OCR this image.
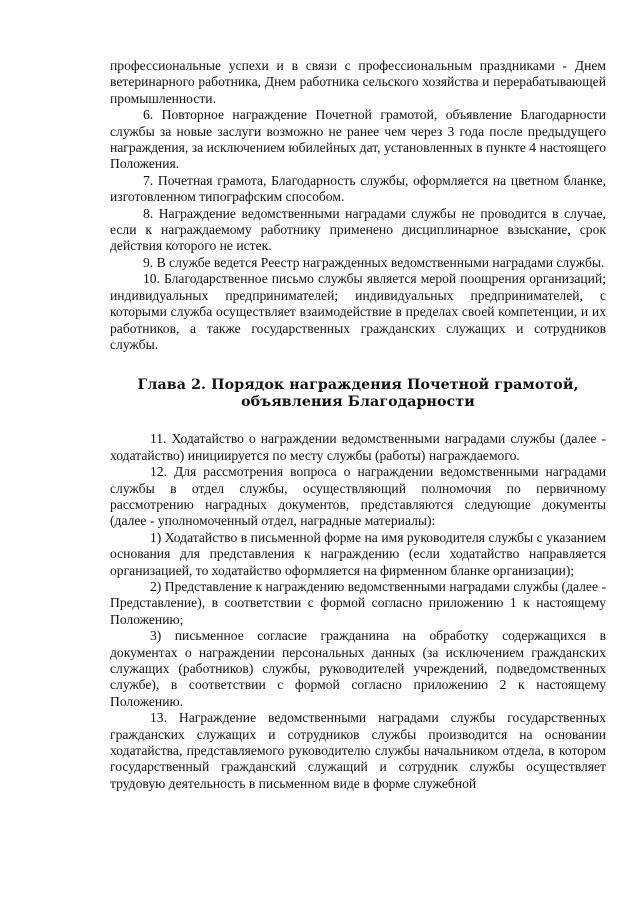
профессиональные успехи и в связи с профессиональным праздниками - Днем ветеринарного работника, Днем работника сельского хозяйства и перерабатывающей промышленности.

6. Повторное награждение Почетной грамотой, объявление Благодарности службы за новые заслуги возможно не ранее чем через 3 года после предыдущего награждения, за исключением юбилейных дат, установленных в пункте 4 настоящего Положения.

7. Почетная грамота, Благодарность службы, оформляется на цветном бланке, изготовленном типографским способом.

8. Награждение ведомственными наградами службы не проводится в случае, если к награждаемому работнику применено дисциплинарное взыскание, срок действия которого не истек.

9. В службе ведется Реестр награжденных ведомственными наградами службы.

10. Благодарственное письмо службы является мерой поощрения организаций; индивидуальных предпринимателей; индивидуальных предпринимателей, с которыми служба осуществляет взаимодействие в пределах своей компетенции, и их работников, а также государственных гражданских служащих и сотрудников службы.

Глава 2. Порядок награждения Почетной грамотой,
объявления Благодарности

11. Ходатайство о награждении ведомственными наградами службы (далее - ходатайство) инициируется по месту службы (работы) награждаемого.

12. Для рассмотрения вопроса о награждении ведомственными наградами службы в отдел службы, осуществляющий полномочия по первичному рассмотрению наградных документов, представляются следующие документы (далее - уполномоченный отдел, наградные материалы):

1) Ходатайство в письменной форме на имя руководителя службы с указанием основания для представления к награждению (если ходатайство направляется организацией, то ходатайство оформляется на фирменном бланке организации);

2) Представление к награждению ведомственными наградами службы (далее - Представление), в соответствии с формой согласно приложению 1 к настоящему Положению;

3) письменное согласие гражданина на обработку содержащихся в документах о награждении персональных данных (за исключением гражданских служащих (работников) службы, руководителей учреждений, подведомственных службе), в соответствии с формой согласно приложению 2 к настоящему Положению.

13. Награждение ведомственными наградами службы государственных гражданских служащих и сотрудников службы производится на основании ходатайства, представляемого руководителю службы начальником отдела, в котором государственный гражданский служащий и сотрудник службы осуществляет трудовую деятельность в письменном виде в форме служебной
